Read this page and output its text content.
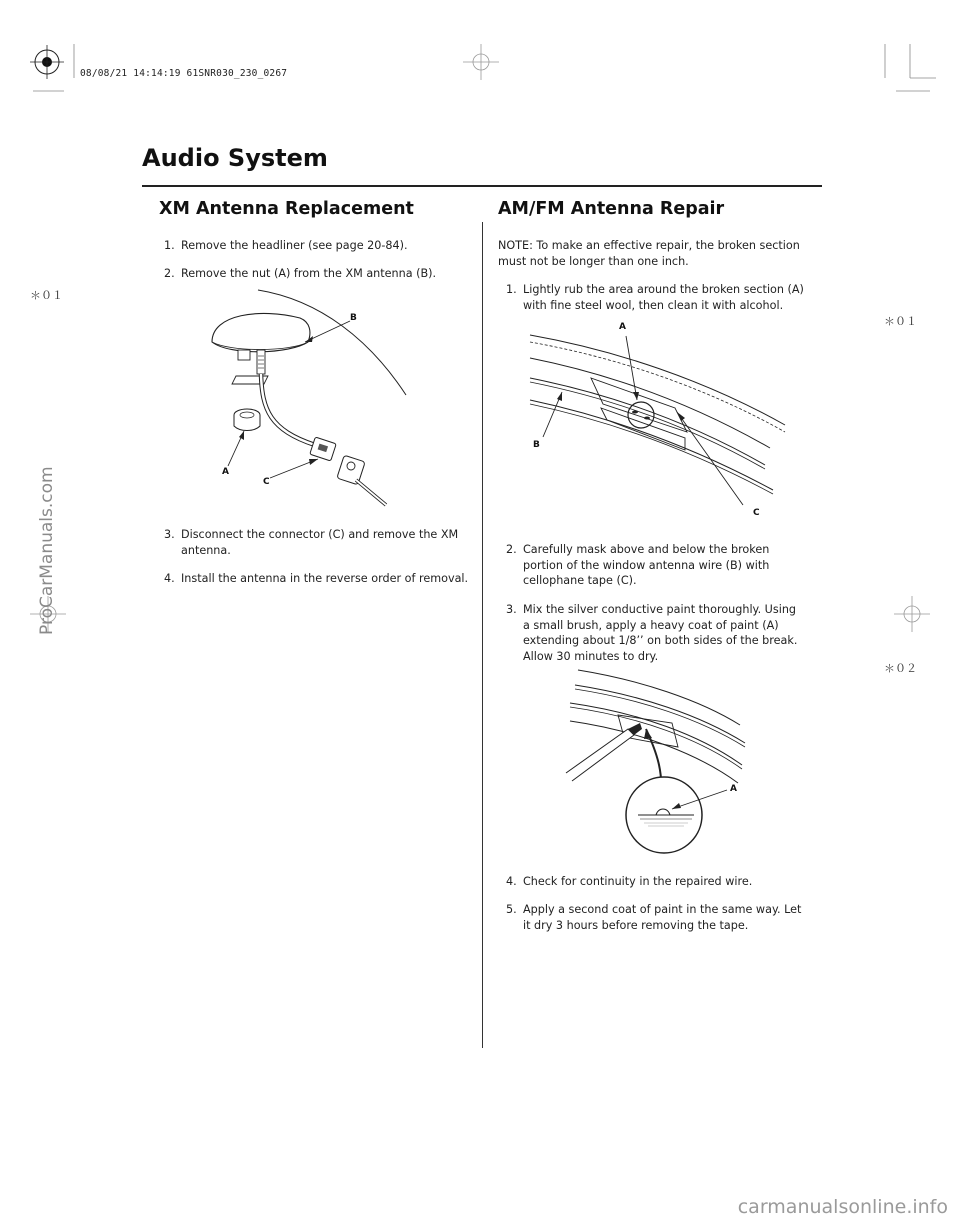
08/08/21 14:14:19 61SNR030_230_0267
Audio System
＊０１
＊０１
＊０２
ProCarManuals.com
XM Antenna Replacement
1. Remove the headliner (see page 20-84).
2. Remove the nut (A) from the XM antenna (B).
B
A
C
3. Disconnect the connector (C) and remove the XM antenna.
4. Install the antenna in the reverse order of removal.
AM/FM Antenna Repair
NOTE: To make an effective repair, the broken section must not be longer than one inch.
1. Lightly rub the area around the broken section (A) with fine steel wool, then clean it with alcohol.
A
B
C
2. Carefully mask above and below the broken portion of the window antenna wire (B) with cellophane tape (C).
3. Mix the silver conductive paint thoroughly. Using a small brush, apply a heavy coat of paint (A) extending about 1/8’’ on both sides of the break. Allow 30 minutes to dry.
A
4. Check for continuity in the repaired wire.
5. Apply a second coat of paint in the same way. Let it dry 3 hours before removing the tape.
carmanualsonline.info
